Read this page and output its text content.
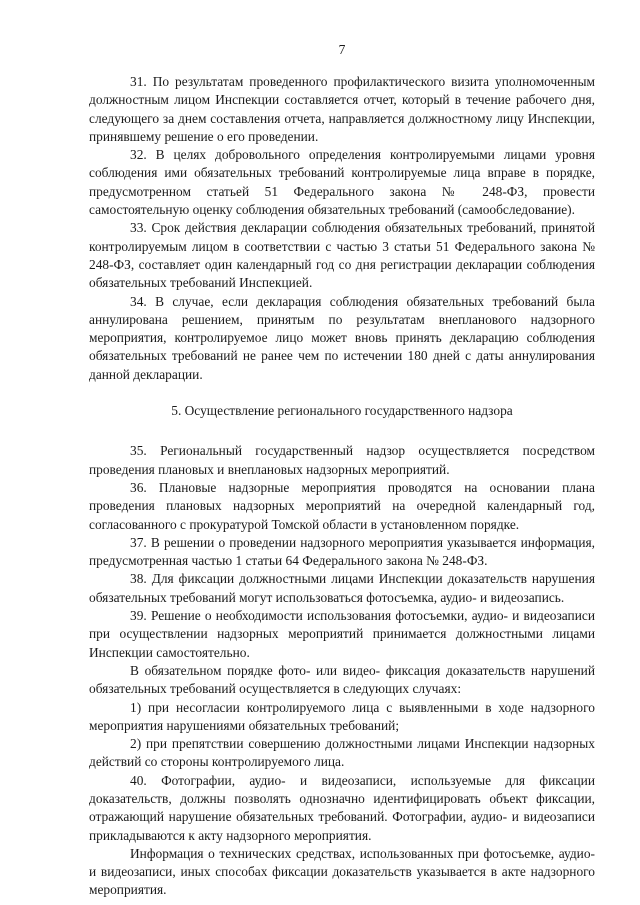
7

31. По результатам проведенного профилактического визита уполномоченным должностным лицом Инспекции составляется отчет, который в течение рабочего дня, следующего за днем составления отчета, направляется должностному лицу Инспекции, принявшему решение о его проведении.

32. В целях добровольного определения контролируемыми лицами уровня соблюдения ими обязательных требований контролируемые лица вправе в порядке, предусмотренном статьей 51 Федерального закона № 248-ФЗ, провести самостоятельную оценку соблюдения обязательных требований (самообследование).

33. Срок действия декларации соблюдения обязательных требований, принятой контролируемым лицом в соответствии с частью 3 статьи 51 Федерального закона № 248-ФЗ, составляет один календарный год со дня регистрации декларации соблюдения обязательных требований Инспекцией.

34. В случае, если декларация соблюдения обязательных требований была аннулирована решением, принятым по результатам внепланового надзорного мероприятия, контролируемое лицо может вновь принять декларацию соблюдения обязательных требований не ранее чем по истечении 180 дней с даты аннулирования данной декларации.

5. Осуществление регионального государственного надзора

35. Региональный государственный надзор осуществляется посредством проведения плановых и внеплановых надзорных мероприятий.

36. Плановые надзорные мероприятия проводятся на основании плана проведения плановых надзорных мероприятий на очередной календарный год, согласованного с прокуратурой Томской области в установленном порядке.

37. В решении о проведении надзорного мероприятия указывается информация, предусмотренная частью 1 статьи 64 Федерального закона № 248-ФЗ.

38. Для фиксации должностными лицами Инспекции доказательств нарушения обязательных требований могут использоваться фотосъемка, аудио- и видеозапись.

39. Решение о необходимости использования фотосъемки, аудио- и видеозаписи при осуществлении надзорных мероприятий принимается должностными лицами Инспекции самостоятельно.

В обязательном порядке фото- или видео- фиксация доказательств нарушений обязательных требований осуществляется в следующих случаях:

1) при несогласии контролируемого лица с выявленными в ходе надзорного мероприятия нарушениями обязательных требований;

2) при препятствии совершению должностными лицами Инспекции надзорных действий со стороны контролируемого лица.

40. Фотографии, аудио- и видеозаписи, используемые для фиксации доказательств, должны позволять однозначно идентифицировать объект фиксации, отражающий нарушение обязательных требований. Фотографии, аудио- и видеозаписи прикладываются к акту надзорного мероприятия.

Информация о технических средствах, использованных при фотосъемке, аудио- и видеозаписи, иных способах фиксации доказательств указывается в акте надзорного мероприятия.
